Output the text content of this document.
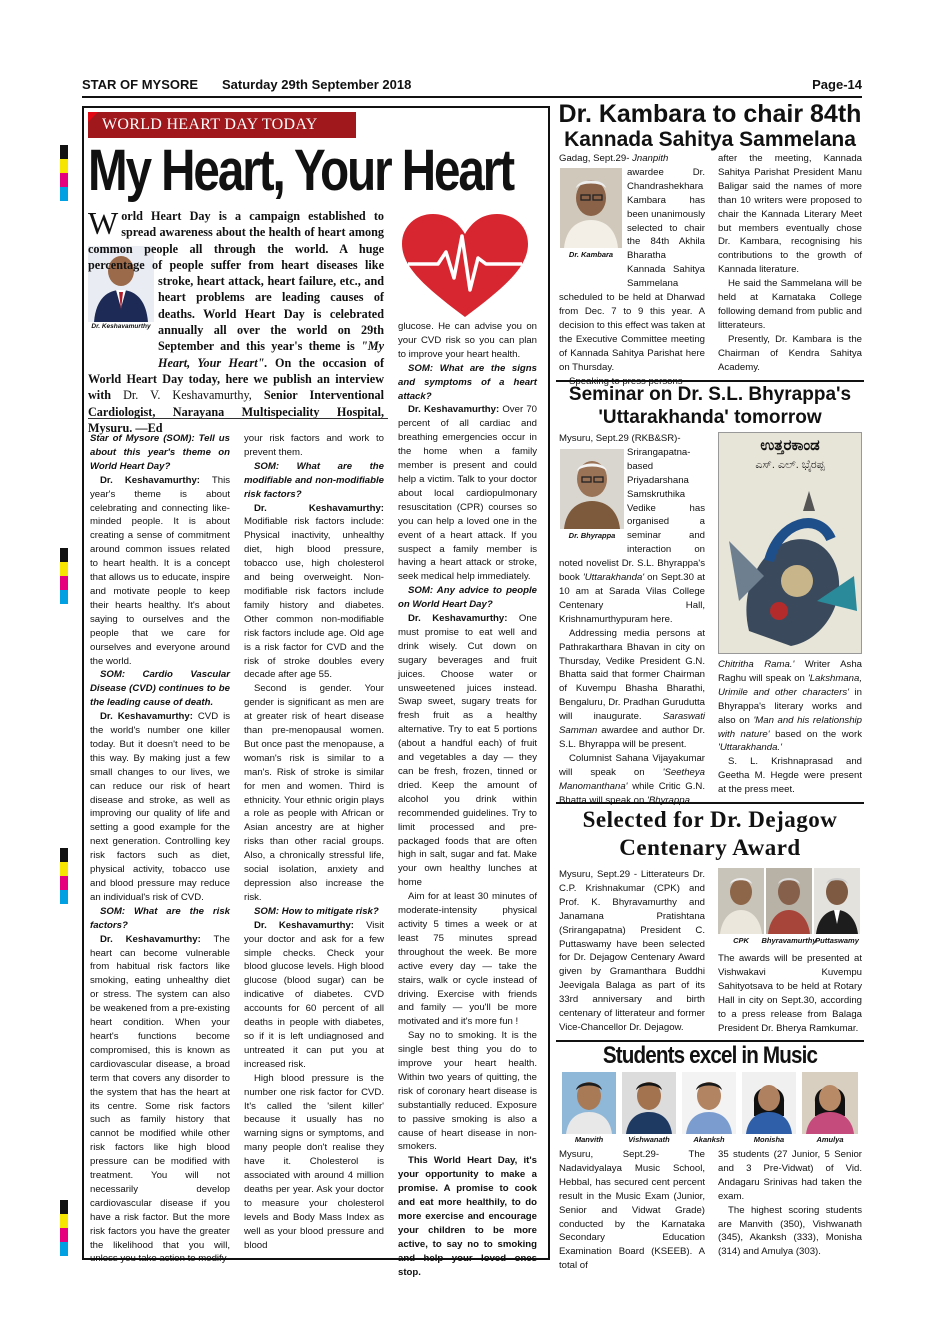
STAR OF MYSORE Saturday 29th September 2018	Page-14
WORLD HEART DAY TODAY
My Heart, Your Heart
Dr. Keshavamurthy
W orld Heart Day is a campaign established to spread awareness about the health of heart among common people all through the world. A huge percentage of people suffer from heart diseases like stroke, heart attack, heart failure, etc., and heart problems are leading causes of deaths. World Heart Day is celebrated annually all over the world on 29th September and this year's theme is "My Heart, Your Heart". On the occasion of World Heart Day today, here we publish an interview with Dr. V. Keshavamurthy, Senior Interventional Cardiologist, Narayana Multispeciality Hospital, Mysuru. —Ed

Star of Mysore (SOM): Tell us about this year's theme on World Heart Day?

Dr. Keshavamurthy: This year's theme is about celebrating and connecting like-minded people. It is about creating a sense of commitment around common issues related to heart health. It is a concept that allows us to educate, inspire and motivate people to keep their hearts healthy. It's about saying to ourselves and the people that we care for ourselves and everyone around the world.

SOM: Cardio Vascular Disease (CVD) continues to be the leading cause of death.

Dr. Keshavamurthy: CVD is the world's number one killer today. But it doesn't need to be this way. By making just a few small changes to our lives, we can reduce our risk of heart disease and stroke, as well as improving our quality of life and setting a good example for the next generation. Controlling key risk factors such as diet, physical activity, tobacco use and blood pressure may reduce an individual's risk of CVD.

SOM: What are the risk factors?

Dr. Keshavamurthy: The heart can become vulnerable from habitual risk factors like smoking, eating unhealthy diet or stress. The system can also be weakened from a pre-existing heart condition. When your heart's functions become compromised, this is known as cardiovascular disease, a broad term that covers any disorder to the system that has the heart at its centre. Some risk factors such as family history that cannot be modified while other risk factors like high blood pressure can be modified with treatment. You will not necessarily develop cardiovascular disease if you have a risk factor. But the more risk factors you have the greater the likelihood that you will, unless you take action to modify

your risk factors and work to prevent them.

SOM: What are the modifiable and non-modifiable risk factors?

Dr. Keshavamurthy: Modifiable risk factors include: Physical inactivity, unhealthy diet, high blood pressure, tobacco use, high cholesterol and being overweight. Non-modifiable risk factors include family history and diabetes. Other common non-modifiable risk factors include age. Old age is a risk factor for CVD and the risk of stroke doubles every decade after age 55.

Second is gender. Your gender is significant as men are at greater risk of heart disease than pre-menopausal women. But once past the menopause, a woman's risk is similar to a man's. Risk of stroke is similar for men and women. Third is ethnicity. Your ethnic origin plays a role as people with African or Asian ancestry are at higher risks than other racial groups. Also, a chronically stressful life, social isolation, anxiety and depression also increase the risk.

SOM: How to mitigate risk?

Dr. Keshavamurthy: Visit your doctor and ask for a few simple checks. Check your blood glucose levels. High blood glucose (blood sugar) can be indicative of diabetes. CVD accounts for 60 percent of all deaths in people with diabetes, so if it is left undiagnosed and untreated it can put you at increased risk.

High blood pressure is the number one risk factor for CVD. It's called the 'silent killer' because it usually has no warning signs or symptoms, and many people don't realise they have it. Cholesterol is associated with around 4 million deaths per year. Ask your doctor to measure your cholesterol levels and Body Mass Index as well as your blood pressure and blood

glucose. He can advise you on your CVD risk so you can plan to improve your heart health.

SOM: What are the signs and symptoms of a heart attack?

Dr. Keshavamurthy: Over 70 percent of all cardiac and breathing emergencies occur in the home when a family member is present and could help a victim. Talk to your doctor about local cardiopulmonary resuscitation (CPR) courses so you can help a loved one in the event of a heart attack. If you suspect a family member is having a heart attack or stroke, seek medical help immediately.

SOM: Any advice to people on World Heart Day?

Dr. Keshavamurthy: One must promise to eat well and drink wisely. Cut down on sugary beverages and fruit juices. Choose water or unsweetened juices instead. Swap sweet, sugary treats for fresh fruit as a healthy alternative. Try to eat 5 portions (about a handful each) of fruit and vegetables a day — they can be fresh, frozen, tinned or dried. Keep the amount of alcohol you drink within recommended guidelines. Try to limit processed and pre-packaged foods that are often high in salt, sugar and fat. Make your own healthy lunches at home

Aim for at least 30 minutes of moderate-intensity physical activity 5 times a week or at least 75 minutes spread throughout the week. Be more active every day — take the stairs, walk or cycle instead of driving. Exercise with friends and family — you'll be more motivated and it's more fun !

Say no to smoking. It is the single best thing you do to improve your heart health. Within two years of quitting, the risk of coronary heart disease is substantially reduced. Exposure to passive smoking is also a cause of heart disease in non-smokers.

This World Heart Day, it's your opportunity to make a promise. A promise to cook and eat more healthily, to do more exercise and encourage your children to be more active, to say no to smoking and help your loved ones stop.

Dr. Kambara to chair 84th
Kannada Sahitya Sammelana
Dr. Kambara

Gadag, Sept.29- Jnanpith

awardee Dr. Chandrashekhara Kambara has been unanimously selected to chair the 84th Akhila Bharatha Kannada Sahitya Sammelana scheduled to be held at Dharwad from Dec. 7 to 9 this year. A decision to this effect was taken at the Executive Committee meeting of Kannada Sahitya Parishat here on Thursday.

Speaking to press persons

after the meeting, Kannada Sahitya Parishat President Manu Baligar said the names of more than 10 writers were proposed to chair the Kannada Literary Meet but members eventually chose Dr. Kambara, recognising his contributions to the growth of Kannada literature.

He said the Sammelana will be held at Karnataka College following demand from public and litterateurs.

Presently, Dr. Kambara is the Chairman of Kendra Sahitya Academy.

Seminar on Dr. S.L. Bhyrappa's
'Uttarakhanda' tomorrow
Dr. Bhyrappa

Mysuru, Sept.29 (RKB&SR)-

Srirangapatna-based Priyadarshana Samskruthika Vedike has organised a seminar and interaction on noted novelist Dr. S.L. Bhyrappa's book 'Uttarakhanda' on Sept.30 at 10 am at Sarada Vilas College Centenary Hall, Krishnamurthypuram here.

Addressing media persons at Pathrakarthara Bhavan in city on Thursday, Vedike President G.N. Bhatta said that former Chairman of Kuvempu Bhasha Bharathi, Bengaluru, Dr. Pradhan Gurudutta will inaugurate. Saraswati Samman awardee and author Dr. S.L. Bhyrappa will be present.

Columnist Sahana Vijayakumar will speak on 'Seetheya Manomanthana' while Critic G.N. Bhatta will speak on 'Bhyrappa

ಉತ್ತರಕಾಂಡ
ಎಸ್. ಎಲ್. ಭೈರಪ್ಪ

Chitritha Rama.' Writer Asha Raghu will speak on 'Lakshmana, Urimile and other characters' in Bhyrappa's literary works and also on 'Man and his relationship with nature' based on the work 'Uttarakhanda.'

S. L. Krishnaprasad and Geetha M. Hegde were present at the press meet.

Selected for Dr. Dejagow
Centenary Award
Mysuru, Sept.29 - Litterateurs Dr. C.P. Krishnakumar (CPK) and Prof. K. Bhyravamurthy and Janamana Pratishtana (Srirangapatna) President C. Puttaswamy have been selected for Dr. Dejagow Centenary Award given by Gramanthara Buddhi Jeevigala Balaga as part of its 33rd anniversary and birth centenary of litterateur and former Vice-Chancellor Dr. Dejagow.
CPK	Bhyravamurthy
Puttaswamy
The awards will be presented at Vishwakavi Kuvempu Sahityotsava to be held at Rotary Hall in city on Sept.30, according to a press release from Balaga President Dr. Bherya Ramkumar.
Students excel in Music
Manvith	Vishwanath	Akanksh	Monisha	Amulya
Mysuru, Sept.29- The Nadavidyalaya Music School, Hebbal, has secured cent percent result in the Music Exam (Junior, Senior and Vidwat Grade) conducted by the Karnataka Secondary Education Examination Board (KSEEB). A total of

35 students (27 Junior, 5 Senior and 3 Pre-Vidwat) of Vid. Andagaru Srinivas had taken the exam.

The highest scoring students are Manvith (350), Vishwanath (345), Akanksh (333), Monisha (314) and Amulya (303).
